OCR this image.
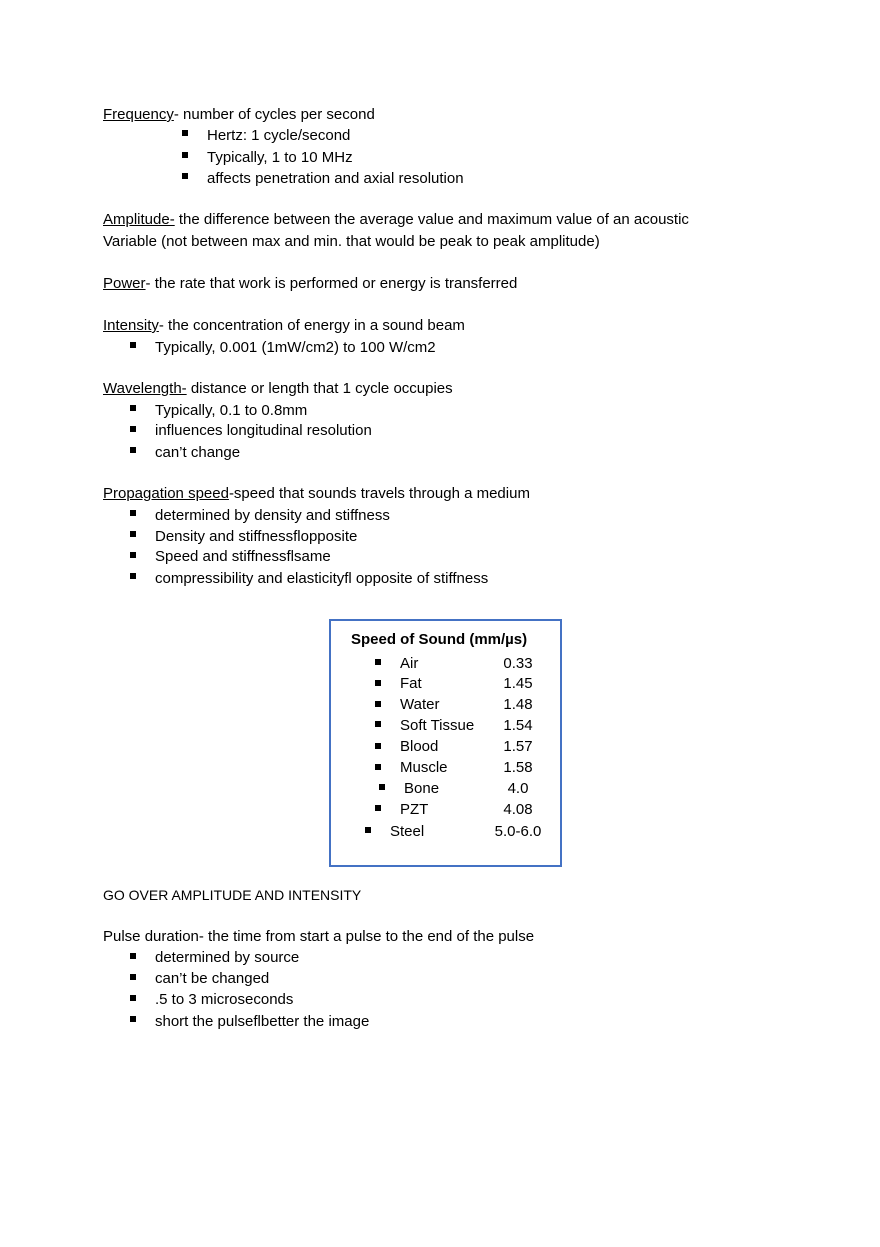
Frequency- number of cycles per second
Hertz: 1 cycle/second
Typically, 1 to 10 MHz
affects penetration and axial resolution
Amplitude- the difference between the average value and maximum value of an acoustic
Variable (not between max and min. that would be peak to peak amplitude)
Power- the rate that work is performed or energy is transferred
Intensity- the concentration of energy in a sound beam
Typically, 0.001 (1mW/cm2) to 100 W/cm2
Wavelength- distance or length that 1 cycle occupies
Typically, 0.1 to 0.8mm
influences longitudinal resolution
can’t change
Propagation speed-speed that sounds travels through a medium
determined by density and stiffness
Density and stiffnessflopposite
Speed and stiffnessflsame
compressibility and elasticityfl opposite of stiffness
Speed of Sound (mm/µs)
Air	0.33
Fat	1.45
Water	1.48
Soft Tissue	1.54
Blood	1.57
Muscle	1.58
Bone	4.0
PZT	4.08
Steel	5.0-6.0
GO OVER AMPLITUDE AND INTENSITY
Pulse duration- the time from start a pulse to the end of the pulse
determined by source
can’t be changed
.5 to 3 microseconds
short the pulseflbetter the image
